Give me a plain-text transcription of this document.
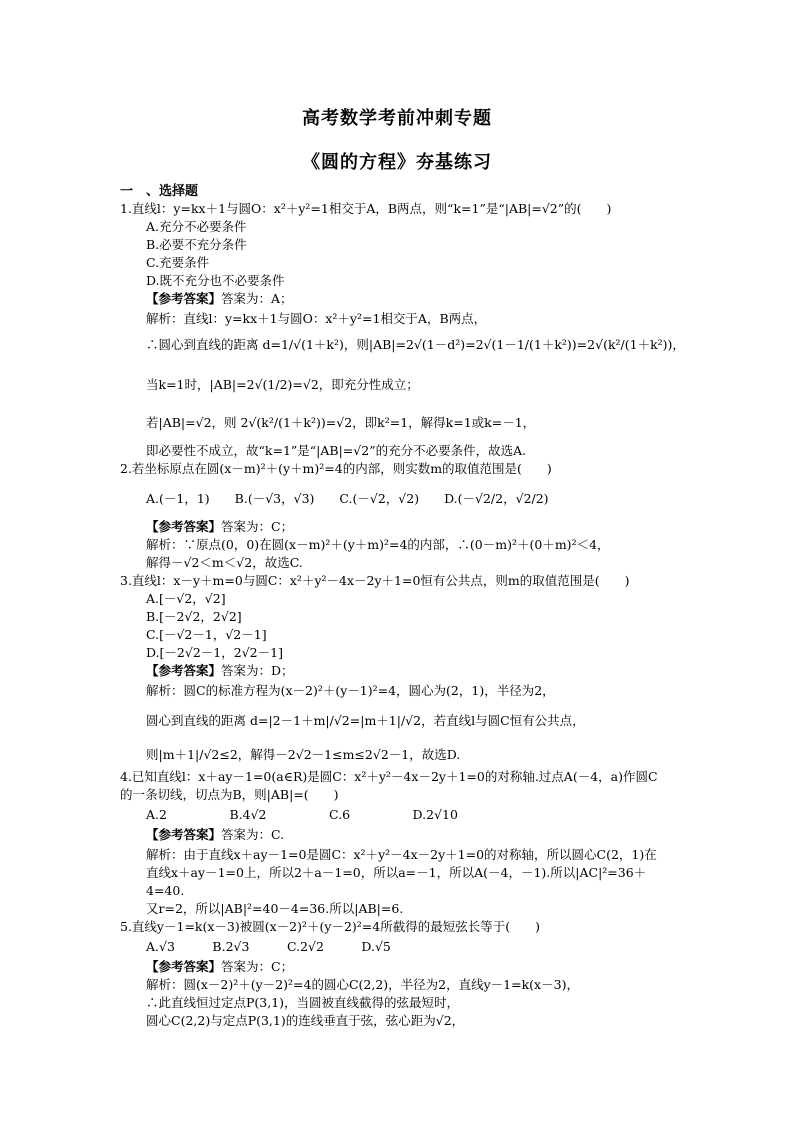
高考数学考前冲刺专题
《圆的方程》夯基练习
一　、选择题
1.直线l：y=kx＋1与圆O：x²＋y²=1相交于A，B两点，则“k=1”是“|AB|=√2”的(　　)
A.充分不必要条件
B.必要不充分条件
C.充要条件
D.既不充分也不必要条件
【参考答案】答案为：A；
解析：直线l：y=kx＋1与圆O：x²＋y²=1相交于A，B两点，
∴圆心到直线的距离 d=1/√(1＋k²)，则|AB|=2√(1－d²)=2√(1－1/(1＋k²))=2√(k²/(1＋k²))，
当k=1时，|AB|=2√(1/2)=√2，即充分性成立；
若|AB|=√2，则 2√(k²/(1＋k²))=√2，即k²=1，解得k=1或k=－1，
即必要性不成立，故“k=1”是“|AB|=√2”的充分不必要条件，故选A.
2.若坐标原点在圆(x－m)²＋(y＋m)²=4的内部，则实数m的取值范围是(　　)
A.(－1，1)　　B.(－√3，√3)　　C.(－√2，√2)　　D.(－√2/2，√2/2)
【参考答案】答案为：C；
解析：∵原点(0，0)在圆(x－m)²＋(y＋m)²=4的内部，∴(0－m)²＋(0＋m)²＜4，
解得－√2＜m＜√2，故选C.
3.直线l：x－y＋m=0与圆C：x²＋y²－4x－2y＋1=0恒有公共点，则m的取值范围是(　　)
A.[－√2，√2]
B.[－2√2，2√2]
C.[－√2－1，√2－1]
D.[－2√2－1，2√2－1]
【参考答案】答案为：D；
解析：圆C的标准方程为(x－2)²＋(y－1)²=4，圆心为(2，1)，半径为2，
圆心到直线的距离 d=|2－1＋m|/√2=|m＋1|/√2，若直线l与圆C恒有公共点，
则|m＋1|/√2≤2，解得－2√2－1≤m≤2√2－1，故选D.
4.已知直线l：x＋ay－1=0(a∈R)是圆C：x²＋y²－4x－2y＋1=0的对称轴.过点A(－4，a)作圆C
的一条切线，切点为B，则|AB|=(　　)
A.2　　　　　B.4√2　　　　　C.6　　　　　D.2√10
【参考答案】答案为：C.
解析：由于直线x＋ay－1=0是圆C：x²＋y²－4x－2y＋1=0的对称轴，所以圆心C(2，1)在
直线x＋ay－1=0上，所以2＋a－1=0，所以a=－1，所以A(－4，－1).所以|AC|²=36＋
4=40.
又r=2，所以|AB|²=40－4=36.所以|AB|=6.
5.直线y－1=k(x－3)被圆(x－2)²＋(y－2)²=4所截得的最短弦长等于(　　)
A.√3　　　B.2√3　　　C.2√2　　　D.√5
【参考答案】答案为：C；
解析：圆(x－2)²＋(y－2)²=4的圆心C(2,2)，半径为2，直线y－1=k(x－3)，
∴此直线恒过定点P(3,1)，当圆被直线截得的弦最短时，
圆心C(2,2)与定点P(3,1)的连线垂直于弦，弦心距为√2，
